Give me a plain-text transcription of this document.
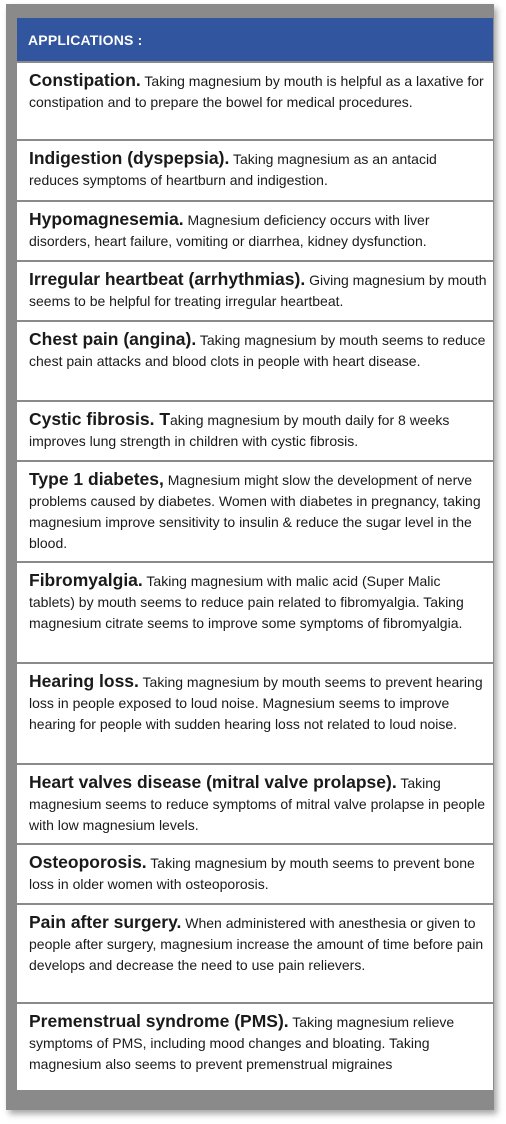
APPLICATIONS :
Constipation. Taking magnesium by mouth is helpful as a laxative for constipation and to prepare the bowel for medical procedures.
Indigestion (dyspepsia). Taking magnesium as an antacid reduces symptoms of heartburn and indigestion.
Hypomagnesemia. Magnesium deficiency occurs with liver disorders, heart failure, vomiting or diarrhea, kidney dysfunction.
Irregular heartbeat (arrhythmias). Giving magnesium by mouth seems to be helpful for treating irregular heartbeat.
Chest pain (angina). Taking magnesium by mouth seems to reduce chest pain attacks and blood clots in people with heart disease.
Cystic fibrosis. Taking magnesium by mouth daily for 8 weeks improves lung strength in children with cystic fibrosis.
Type 1 diabetes, Magnesium might slow the development of nerve problems caused by diabetes. Women with diabetes in pregnancy, taking magnesium improve sensitivity to insulin & reduce the sugar level in the blood.
Fibromyalgia. Taking magnesium with malic acid (Super Malic tablets) by mouth seems to reduce pain related to fibromyalgia. Taking magnesium citrate seems to improve some symptoms of fibromyalgia.
Hearing loss. Taking magnesium by mouth seems to prevent hearing loss in people exposed to loud noise. Magnesium seems to improve hearing for people with sudden hearing loss not related to loud noise.
Heart valves disease (mitral valve prolapse). Taking magnesium seems to reduce symptoms of mitral valve prolapse in people with low magnesium levels.
Osteoporosis. Taking magnesium by mouth seems to prevent bone loss in older women with osteoporosis.
Pain after surgery. When administered with anesthesia or given to people after surgery, magnesium increase the amount of time before pain develops and decrease the need to use pain relievers.
Premenstrual syndrome (PMS). Taking magnesium relieve symptoms of PMS, including mood changes and bloating. Taking magnesium also seems to prevent premenstrual migraines
